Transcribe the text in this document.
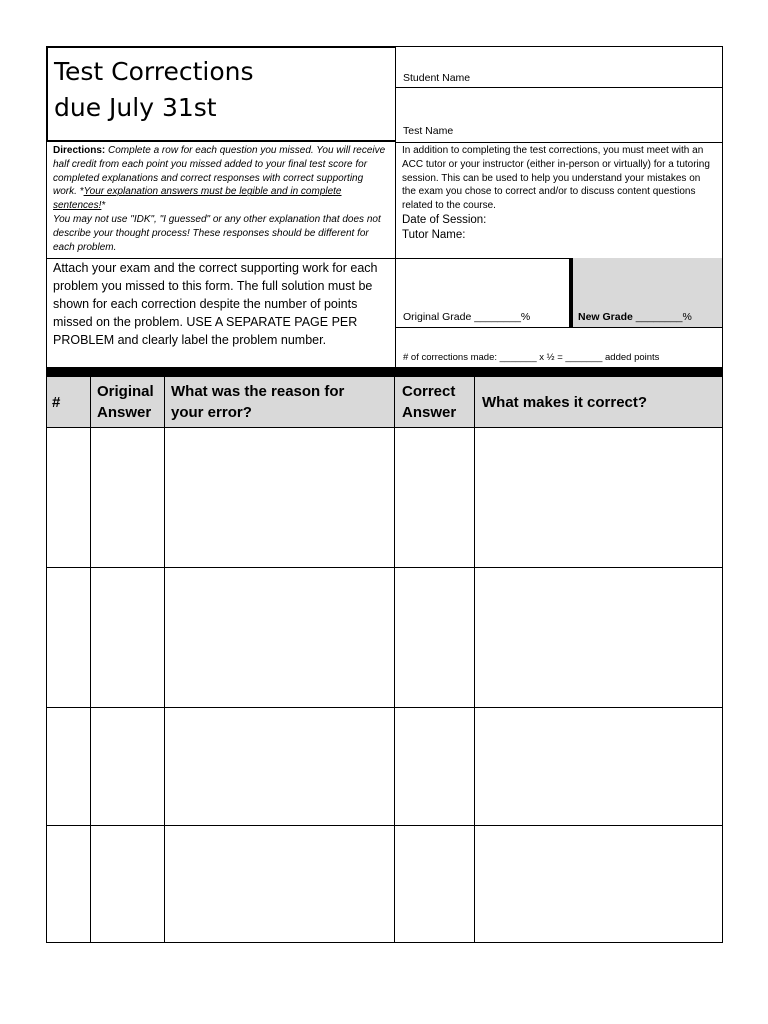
Test Corrections
due July 31st
Student Name
Test Name
Directions: Complete a row for each question you missed. You will receive half credit from each point you missed added to your final test score for completed explanations and correct responses with correct supporting work. *Your explanation answers must be legible and in complete sentences!*
You may not use "IDK", "I guessed" or any other explanation that does not describe your thought process! These responses should be different for each problem.
In addition to completing the test corrections, you must meet with an ACC tutor or your instructor (either in-person or virtually) for a tutoring session. This can be used to help you understand your mistakes on the exam you chose to correct and/or to discuss content questions related to the course.
Date of Session:
Tutor Name:
Attach your exam and the correct supporting work for each problem you missed to this form. The full solution must be shown for each correction despite the number of points missed on the problem. USE A SEPARATE PAGE PER PROBLEM and clearly label the problem number.
Original Grade ________%	New Grade ________%
# of corrections made: _______ x ½ = _______ added points
#
Original Answer
What was the reason for your error?
Correct Answer
What makes it correct?
